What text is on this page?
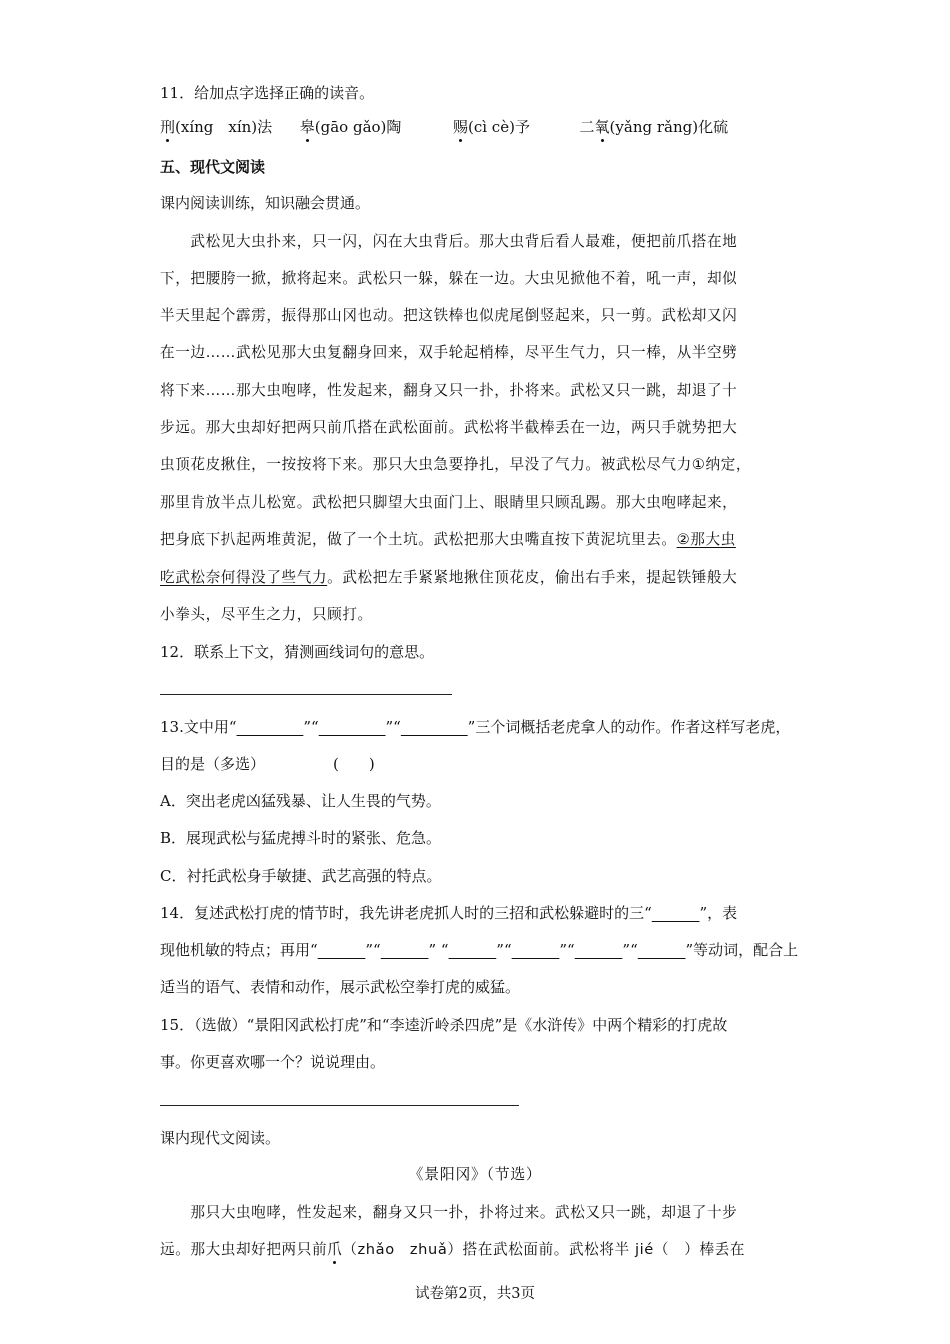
11．给加点字选择正确的读音。
刑(xíng　xín)法 皋(gāo gǎo)陶	赐(cì cè)予	二氧(yǎng rǎng)化硫
五、现代文阅读
课内阅读训练，知识融会贯通。
　　武松见大虫扑来，只一闪，闪在大虫背后。那大虫背后看人最难，便把前爪搭在地
下，把腰胯一掀，掀将起来。武松只一躲，躲在一边。大虫见掀他不着，吼一声，却似
半天里起个霹雳，振得那山冈也动。把这铁棒也似虎尾倒竖起来，只一剪。武松却又闪
在一边……武松见那大虫复翻身回来，双手轮起梢棒，尽平生气力，只一棒，从半空劈
将下来……那大虫咆哮，性发起来，翻身又只一扑，扑将来。武松又只一跳，却退了十
步远。那大虫却好把两只前爪搭在武松面前。武松将半截棒丢在一边，两只手就势把大
虫顶花皮揪住，一按按将下来。那只大虫急要挣扎，早没了气力。被武松尽气力①纳定，
那里肯放半点儿松宽。武松把只脚望大虫面门上、眼睛里只顾乱踢。那大虫咆哮起来，
把身底下扒起两堆黄泥，做了一个土坑。武松把那大虫嘴直按下黄泥坑里去。②那大虫
吃武松奈何得没了些气力。武松把左手紧紧地揪住顶花皮，偷出右手来，提起铁锤般大
小拳头，尽平生之力，只顾打。
12．联系上下文，猜测画线词句的意思。
13.文中用“       	”“       	”“       	”三个词概括老虎拿人的动作。作者这样写老虎，
目的是（多选）	(　　)
A．突出老虎凶猛残暴、让人生畏的气势。
B．展现武松与猛虎搏斗时的紧张、危急。
C．衬托武松身手敏捷、武艺高强的特点。
14．复述武松打虎的情节时，我先讲老虎抓人时的三招和武松躲避时的三“     	”，表
现他机敏的特点；再用“     	”“     	” “     	”“     	”“     	”“     	”等动词，配合上
适当的语气、表情和动作，展示武松空拳打虎的威猛。
15．（选做）“景阳冈武松打虎”和“李逵沂岭杀四虎”是《水浒传》中两个精彩的打虎故
事。你更喜欢哪一个？说说理由。
课内现代文阅读。
《景阳冈》（节选）
　　那只大虫咆哮，性发起来，翻身又只一扑，扑将过来。武松又只一跳，却退了十步
远。那大虫却好把两只前爪（zhǎo　zhuǎ）搭在武松面前。武松将半 jié（　）棒丢在
试卷第2页，共3页
